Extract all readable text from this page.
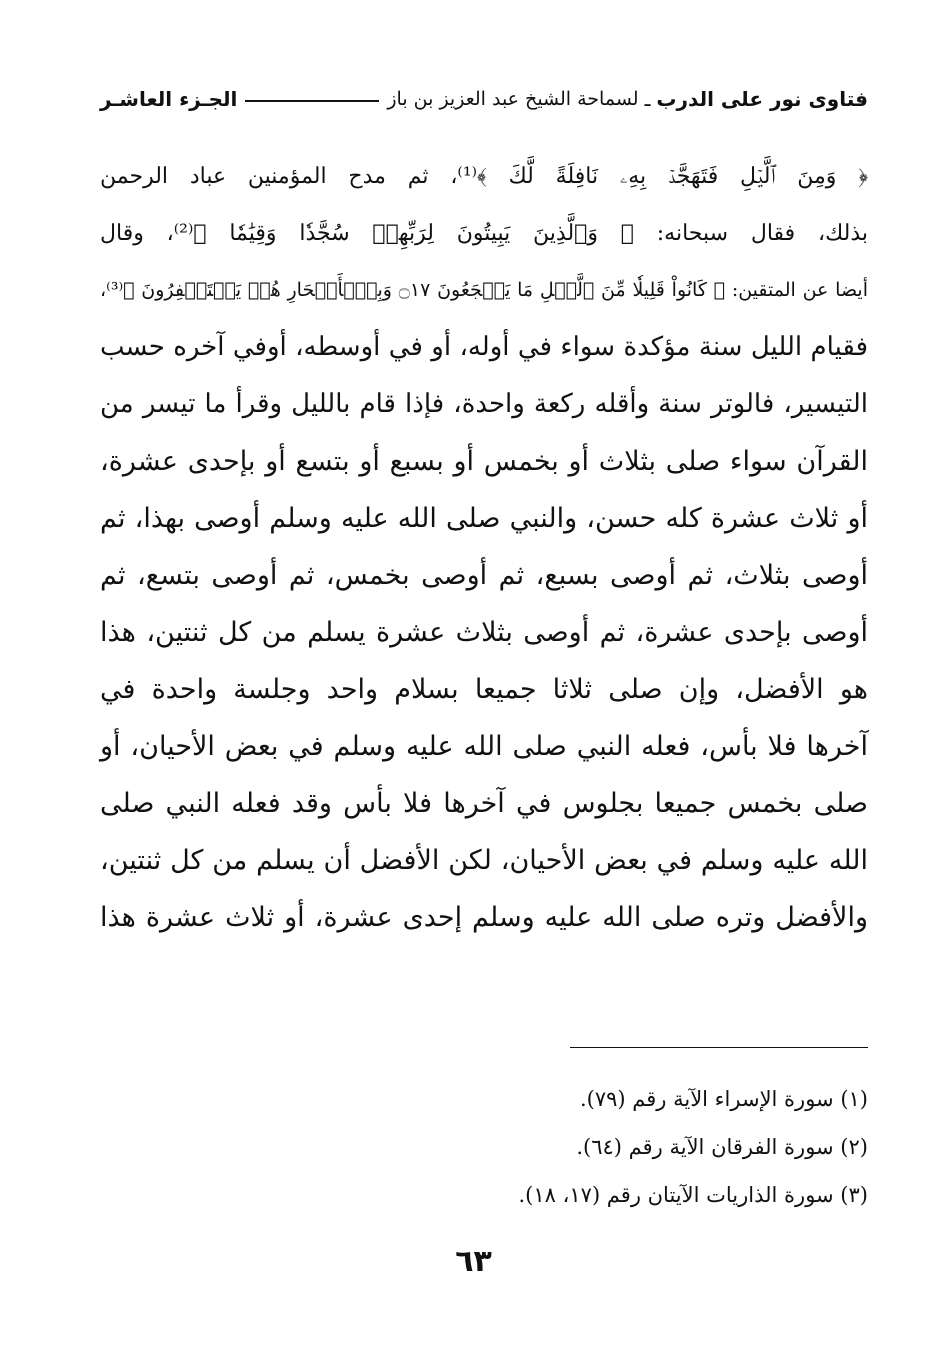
فتاوى نور على الدرب
ـ
لسماحة الشيخ عبد العزيز بن باز
الجـزء العاشـر
﴿ وَمِنَ ٱلَّيۡلِ فَتَهَجَّدۡ بِهِۦ نَافِلَةً لَّكَ ﴾⁽¹⁾، ثم مدح المؤمنين عباد الرحمن
بذلك، فقال سبحانه: ﴿ وَٱلَّذِينَ يَبِيتُونَ لِرَبِّهِمۡ سُجَّدٗا وَقِيَٰمٗا ﴾⁽²⁾، وقال
أيضا عن المتقين: ﴿ كَانُواْ قَلِيلٗا مِّنَ ٱلَّيۡلِ مَا يَهۡجَعُونَ ۝١٧ وَبِٱلۡأَسۡحَارِ هُمۡ يَسۡتَغۡفِرُونَ ﴾⁽³⁾،
فقيام الليل سنة مؤكدة سواء في أوله، أو في أوسطه، أوفي آخره حسب
التيسير، فالوتر سنة وأقله ركعة واحدة، فإذا قام بالليل وقرأ ما تيسر من
القرآن سواء صلى بثلاث أو بخمس أو بسبع أو بتسع أو بإحدى عشرة،
أو ثلاث عشرة كله حسن، والنبي صلى الله عليه وسلم أوصى بهذا، ثم
أوصى بثلاث، ثم أوصى بسبع، ثم أوصى بخمس، ثم أوصى بتسع، ثم
أوصى بإحدى عشرة، ثم أوصى بثلاث عشرة يسلم من كل ثنتين، هذا
هو الأفضل، وإن صلى ثلاثا جميعا بسلام واحد وجلسة واحدة في
آخرها فلا بأس، فعله النبي صلى الله عليه وسلم في بعض الأحيان، أو
صلى بخمس جميعا بجلوس في آخرها فلا بأس وقد فعله النبي صلى
الله عليه وسلم في بعض الأحيان، لكن الأفضل أن يسلم من كل ثنتين،
والأفضل وتره صلى الله عليه وسلم إحدى عشرة، أو ثلاث عشرة هذا
(١) سورة الإسراء الآية رقم (٧٩).
(٢) سورة الفرقان الآية رقم (٦٤).
(٣) سورة الذاريات الآيتان رقم (١٧، ١٨).
٦٣
